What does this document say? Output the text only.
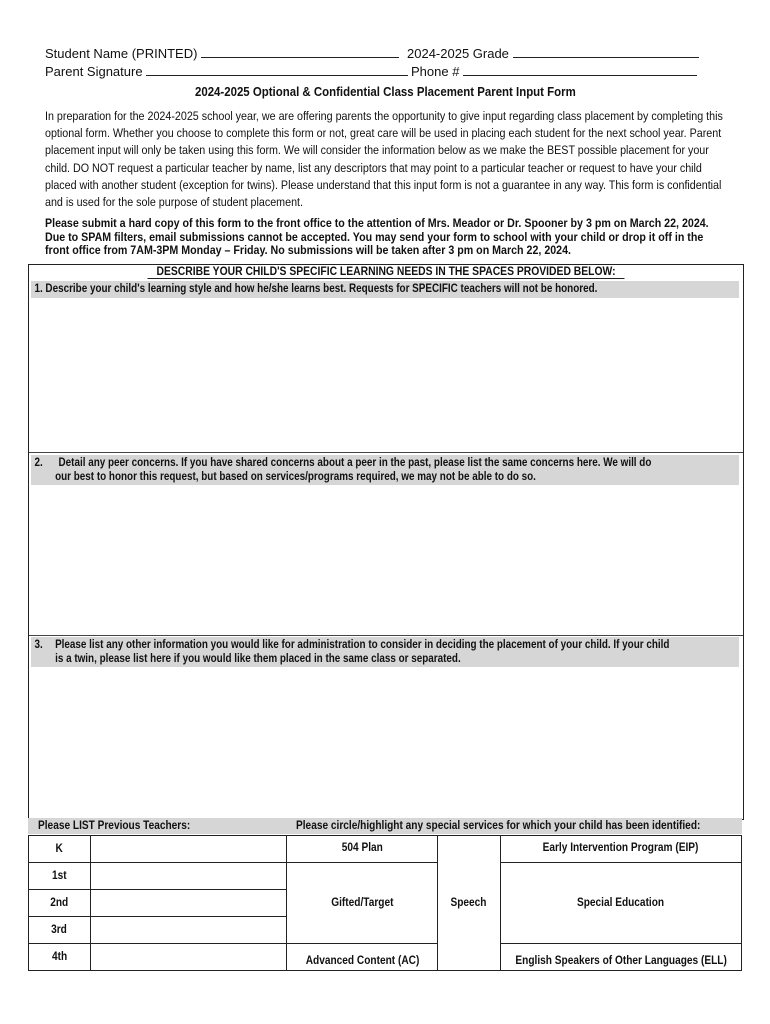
Student Name (PRINTED)	2024-2025 Grade
Parent Signature	Phone #
2024-2025 Optional & Confidential Class Placement Parent Input Form
In preparation for the 2024-2025 school year, we are offering parents the opportunity to give input regarding class placement by completing this optional form. Whether you choose to complete this form or not, great care will be used in placing each student for the next school year. Parent placement input will only be taken using this form. We will consider the information below as we make the BEST possible placement for your child. DO NOT request a particular teacher by name, list any descriptors that may point to a particular teacher or request to have your child placed with another student (exception for twins). Please understand that this input form is not a guarantee in any way. This form is confidential and is used for the sole purpose of student placement.
Please submit a hard copy of this form to the front office to the attention of Mrs. Meador or Dr. Spooner by 3 pm on March 22, 2024. Due to SPAM filters, email submissions cannot be accepted. You may send your form to school with your child or drop it off in the front office from 7AM-3PM Monday – Friday. No submissions will be taken after 3 pm on March 22, 2024.
DESCRIBE YOUR CHILD'S SPECIFIC LEARNING NEEDS IN THE SPACES PROVIDED BELOW:
1. Describe your child's learning style and how he/she learns best. Requests for SPECIFIC teachers will not be honored.
2. Detail any peer concerns. If you have shared concerns about a peer in the past, please list the same concerns here. We will do
our best to honor this request, but based on services/programs required, we may not be able to do so.
3. Please list any other information you would like for administration to consider in deciding the placement of your child. If your child
is a twin, please list here if you would like them placed in the same class or separated.
Please LIST Previous Teachers:	Please circle/highlight any special services for which your child has been identified:
K		504 Plan	Speech	Early Intervention Program (EIP)
1st		Gifted/Target		Special Education
2nd				
3rd				
4th		Advanced Content (AC)		English Speakers of Other Languages (ELL)
